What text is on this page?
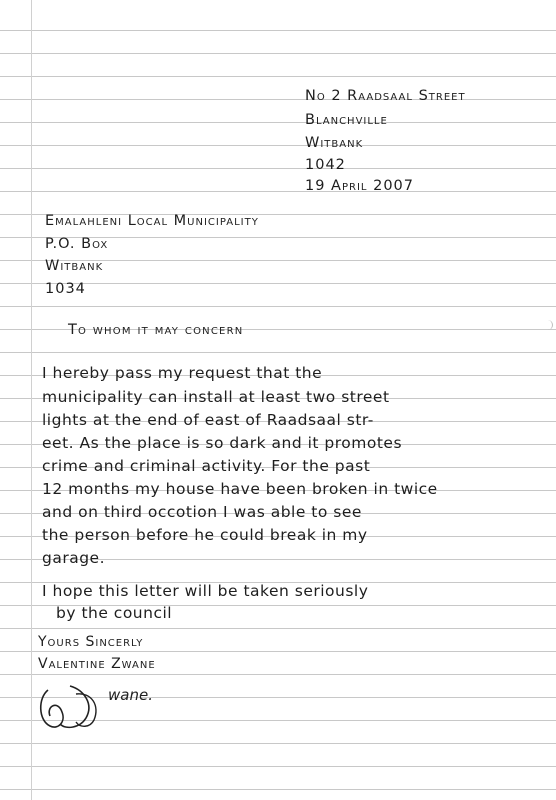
No 2 Raadsaal Street
Blanchville
Witbank
1042
19 April 2007
Emalahleni Local Municipality
P.O. Box
Witbank
1034
To whom it may concern
I hereby pass my request that the
municipality can install at least two street
lights at the end of east of Raadsaal str-
eet. As the place is so dark and it promotes
crime and criminal activity. For the past
12 months my house have been broken in twice
and on third occotion I was able to see
the person before he could break in my
garage.
I hope this letter will be taken seriously
by the council
Yours Sincerly
Valentine Zwane
wane.
